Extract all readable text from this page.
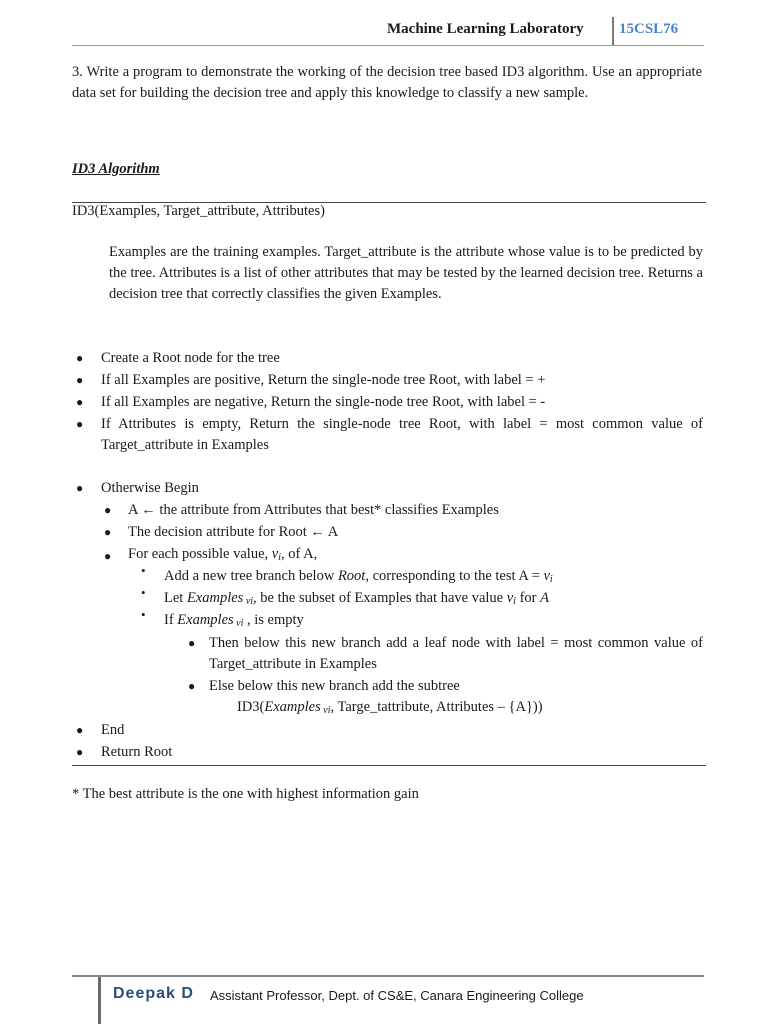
Machine Learning Laboratory 15CSL76
3. Write a program to demonstrate the working of the decision tree based ID3 algorithm. Use an appropriate data set for building the decision tree and apply this knowledge to classify a new sample.
ID3 Algorithm
ID3(Examples, Target_attribute, Attributes)
Examples are the training examples. Target_attribute is the attribute whose value is to be predicted by the tree. Attributes is a list of other attributes that may be tested by the learned decision tree. Returns a decision tree that correctly classifies the given Examples.
● Create a Root node for the tree
● If all Examples are positive, Return the single-node tree Root, with label = +
● If all Examples are negative, Return the single-node tree Root, with label = -
● If Attributes is empty, Return the single-node tree Root, with label = most common value of Target_attribute in Examples
● Otherwise Begin
● A ← the attribute from Attributes that best* classifies Examples
● The decision attribute for Root ← A
● For each possible value, $v_i$, of A,
• Add a new tree branch below Root, corresponding to the test $A = v_i$
• Let Examples $_{vi}$, be the subset of Examples that have value $v_i$ for A
• If Examples $_{vi}$ , is empty
● Then below this new branch add a leaf node with label = most common value of Target_attribute in Examples
● Else below this new branch add the subtree
ID3(Examples $_{vi}$, Targe_tattribute, Attributes – {A}))
● End
● Return Root
* The best attribute is the one with highest information gain
Deepak D Assistant Professor, Dept. of CS&E, Canara Engineering College
